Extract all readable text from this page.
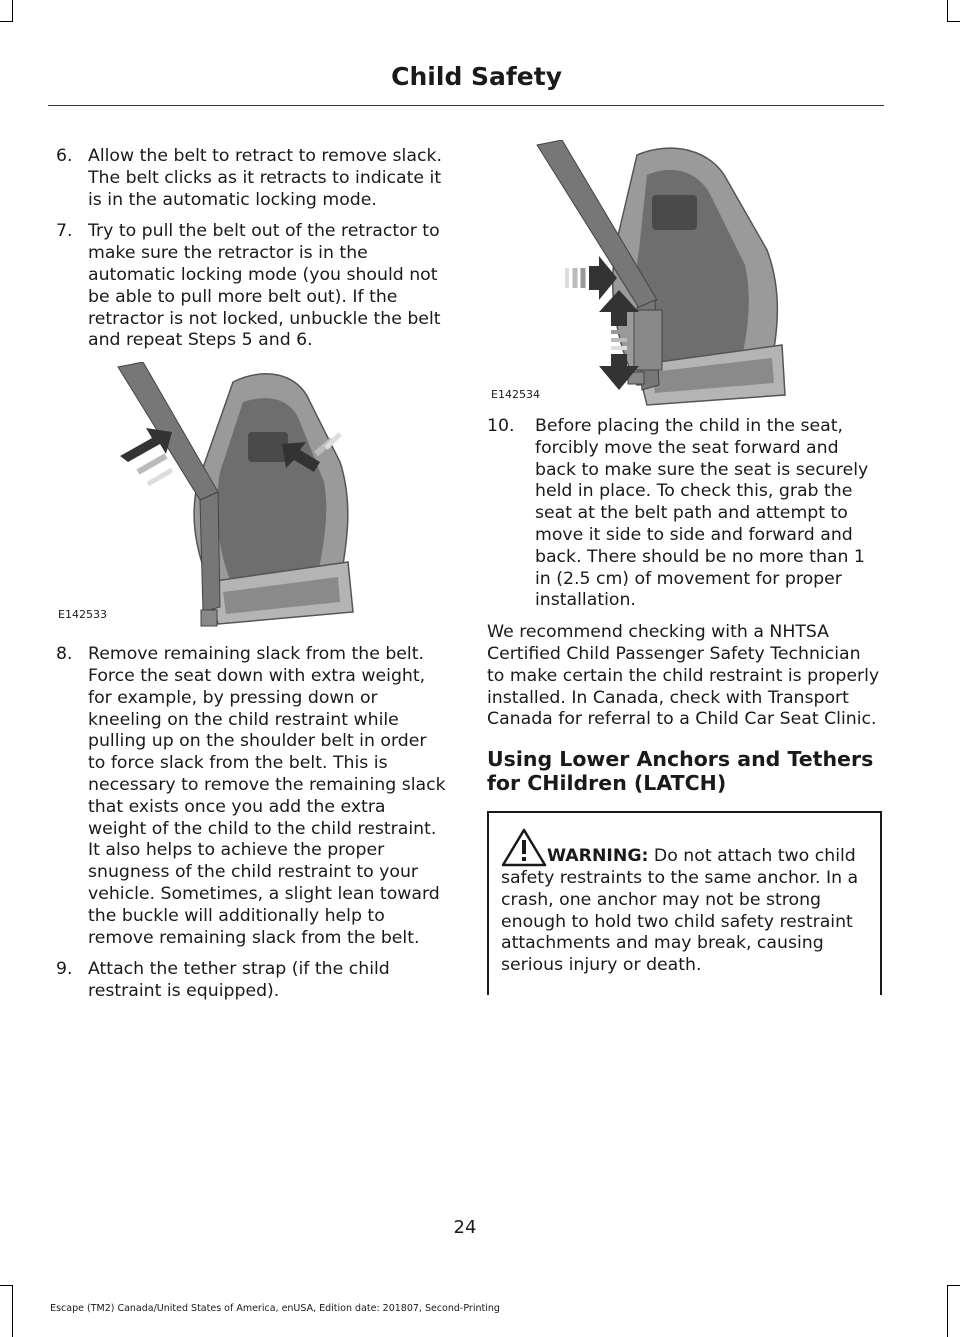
Child Safety
6. Allow the belt to retract to remove slack. The belt clicks as it retracts to indicate it is in the automatic locking mode.
7. Try to pull the belt out of the retractor to make sure the retractor is in the automatic locking mode (you should not be able to pull more belt out). If the retractor is not locked, unbuckle the belt and repeat Steps 5 and 6.
E142533
8. Remove remaining slack from the belt. Force the seat down with extra weight, for example, by pressing down or kneeling on the child restraint while pulling up on the shoulder belt in order to force slack from the belt. This is necessary to remove the remaining slack that exists once you add the extra weight of the child to the child restraint. It also helps to achieve the proper snugness of the child restraint to your vehicle. Sometimes, a slight lean toward the buckle will additionally help to remove remaining slack from the belt.
9. Attach the tether strap (if the child restraint is equipped).
E142534
10. Before placing the child in the seat, forcibly move the seat forward and back to make sure the seat is securely held in place. To check this, grab the seat at the belt path and attempt to move it side to side and forward and back. There should be no more than 1 in (2.5 cm) of movement for proper installation.

We recommend checking with a NHTSA Certified Child Passenger Safety Technician to make certain the child restraint is properly installed. In Canada, check with Transport Canada for referral to a Child Car Seat Clinic.

Using Lower Anchors and Tethers for CHildren (LATCH)
WARNING: Do not attach two child safety restraints to the same anchor. In a crash, one anchor may not be strong enough to hold two child safety restraint attachments and may break, causing serious injury or death.
24
Escape (TM2) Canada/United States of America, enUSA, Edition date: 201807, Second-Printing
